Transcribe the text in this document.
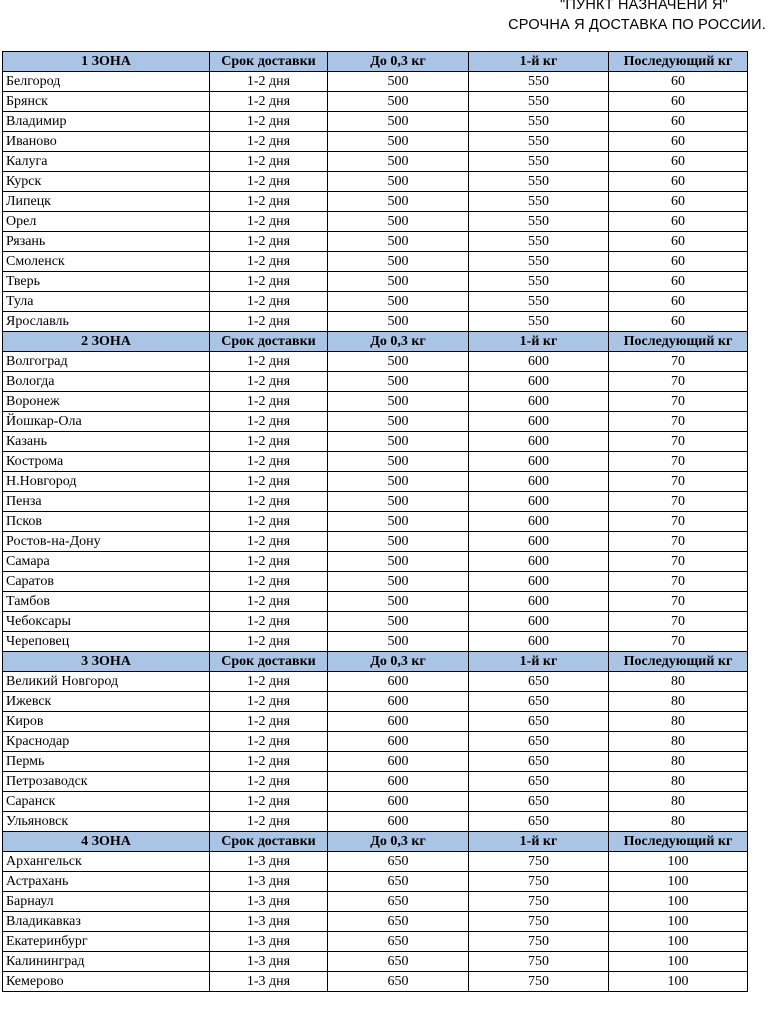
"ПУНКТ НАЗНАЧЕНИ Я"
СРОЧНА Я ДОСТАВКА ПО РОССИИ.
1 ЗОНА	Срок доставки	До 0,3 кг	1-й кг	Последующий кг
Белгород	1-2 дня	500	550	60
Брянск	1-2 дня	500	550	60
Владимир	1-2 дня	500	550	60
Иваново	1-2 дня	500	550	60
Калуга	1-2 дня	500	550	60
Курск	1-2 дня	500	550	60
Липецк	1-2 дня	500	550	60
Орел	1-2 дня	500	550	60
Рязань	1-2 дня	500	550	60
Смоленск	1-2 дня	500	550	60
Тверь	1-2 дня	500	550	60
Тула	1-2 дня	500	550	60
Ярославль	1-2 дня	500	550	60
2 ЗОНА	Срок доставки	До 0,3 кг	1-й кг	Последующий кг
Волгоград	1-2 дня	500	600	70
Вологда	1-2 дня	500	600	70
Воронеж	1-2 дня	500	600	70
Йошкар-Ола	1-2 дня	500	600	70
Казань	1-2 дня	500	600	70
Кострома	1-2 дня	500	600	70
Н.Новгород	1-2 дня	500	600	70
Пенза	1-2 дня	500	600	70
Псков	1-2 дня	500	600	70
Ростов-на-Дону	1-2 дня	500	600	70
Самара	1-2 дня	500	600	70
Саратов	1-2 дня	500	600	70
Тамбов	1-2 дня	500	600	70
Чебоксары	1-2 дня	500	600	70
Череповец	1-2 дня	500	600	70
3 ЗОНА	Срок доставки	До 0,3 кг	1-й кг	Последующий кг
Великий Новгород	1-2 дня	600	650	80
Ижевск	1-2 дня	600	650	80
Киров	1-2 дня	600	650	80
Краснодар	1-2 дня	600	650	80
Пермь	1-2 дня	600	650	80
Петрозаводск	1-2 дня	600	650	80
Саранск	1-2 дня	600	650	80
Ульяновск	1-2 дня	600	650	80
4 ЗОНА	Срок доставки	До 0,3 кг	1-й кг	Последующий кг
Архангельск	1-3 дня	650	750	100
Астрахань	1-3 дня	650	750	100
Барнаул	1-3 дня	650	750	100
Владикавказ	1-3 дня	650	750	100
Екатеринбург	1-3 дня	650	750	100
Калининград	1-3 дня	650	750	100
Кемерово	1-3 дня	650	750	100
